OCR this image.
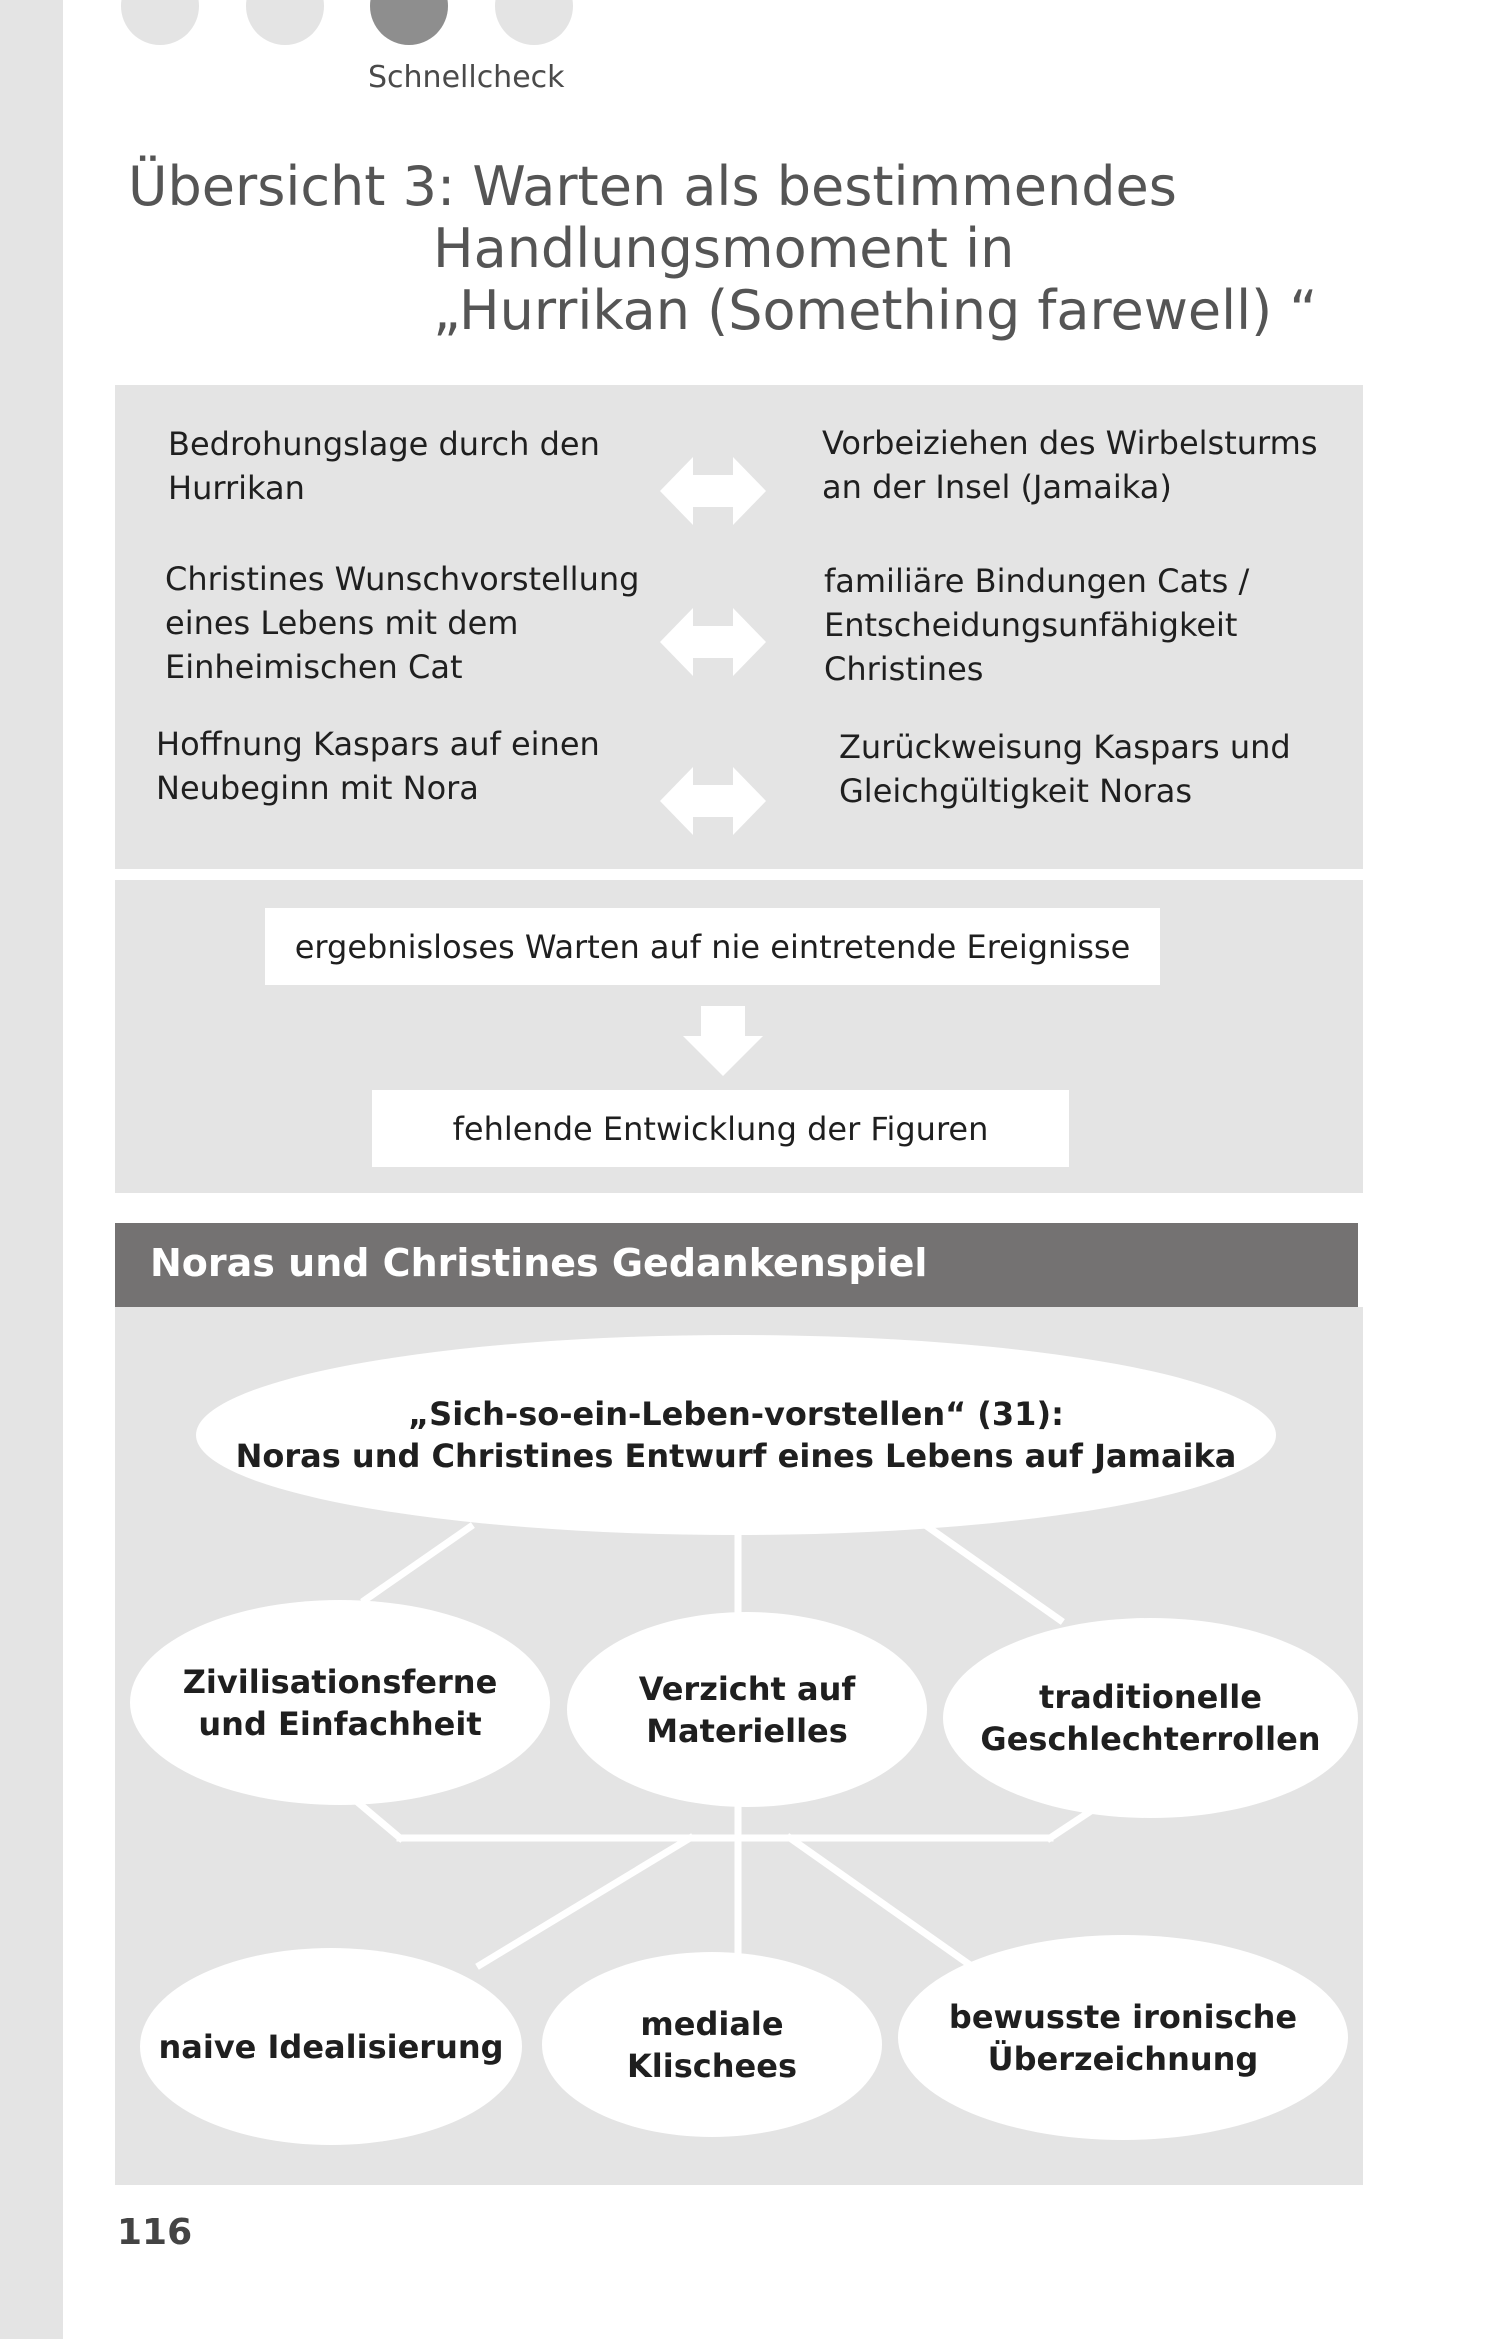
Schnellcheck
Übersicht 3: Warten als bestimmendes
Handlungsmoment in
„Hurrikan (Something farewell) “
Bedrohungslage durch den
Hurrikan
Vorbeiziehen des Wirbelsturms
an der Insel (Jamaika)
Christines Wunschvorstellung
eines Lebens mit dem
Einheimischen Cat
familiäre Bindungen Cats /
Entscheidungsunfähigkeit
Christines
Hoffnung Kaspars auf einen
Neubeginn mit Nora
Zurückweisung Kaspars und
Gleichgültigkeit Noras
ergebnisloses Warten auf nie eintretende Ereignisse
fehlende Entwicklung der Figuren
Noras und Christines Gedankenspiel
„Sich-so-ein-Leben-vorstellen“ (31):
Noras und Christines Entwurf eines Lebens auf Jamaika
Zivilisationsferne
und Einfachheit
Verzicht auf
Materielles
traditionelle
Geschlechterrollen
naive Idealisierung
mediale
Klischees
bewusste ironische
Überzeichnung
116
